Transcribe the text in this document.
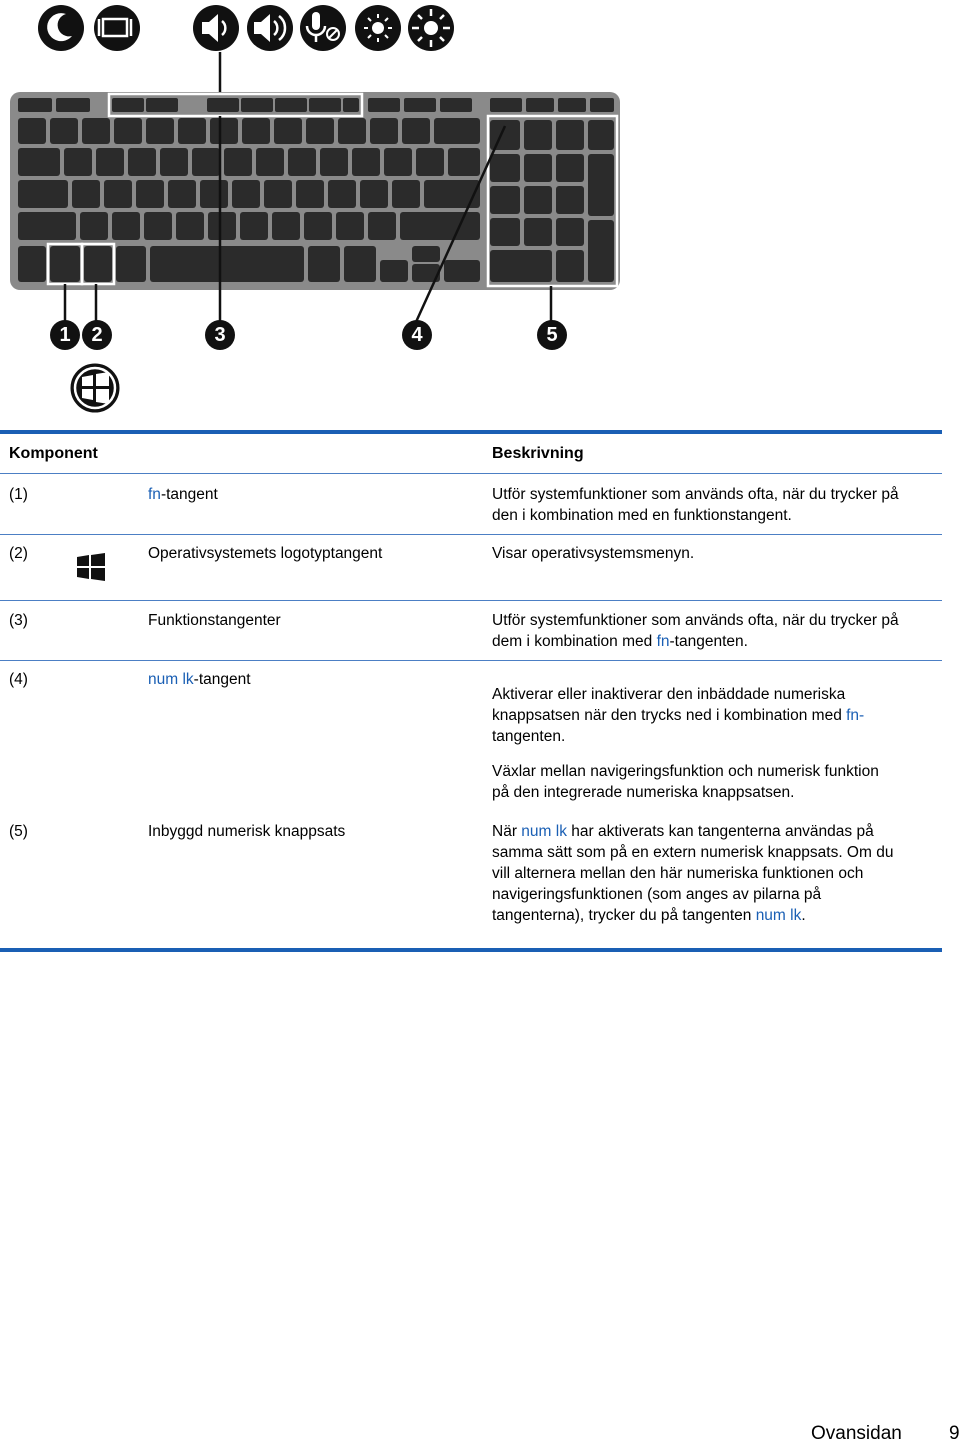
1	2	3	4	5
Komponent	Beskrivning
(1)	fn-tangent	Utför systemfunktioner som används ofta, när du trycker på
den i kombination med en funktionstangent.
(2)	Operativsystemets logotyptangent	Visar operativsystemsmenyn.
(3)	Funktionstangenter	Utför systemfunktioner som används ofta, när du trycker på
dem i kombination med fn-tangenten.
(4)	num lk-tangent
Aktiverar eller inaktiverar den inbäddade numeriska
knappsatsen när den trycks ned i kombination med fn-
tangenten.
Växlar mellan navigeringsfunktion och numerisk funktion
på den integrerade numeriska knappsatsen.
(5)	Inbyggd numerisk knappsats	När num lk har aktiverats kan tangenterna användas på
samma sätt som på en extern numerisk knappsats. Om du
vill alternera mellan den här numeriska funktionen och
navigeringsfunktionen (som anges av pilarna på
tangenterna), trycker du på tangenten num lk.
Ovansidan 9
